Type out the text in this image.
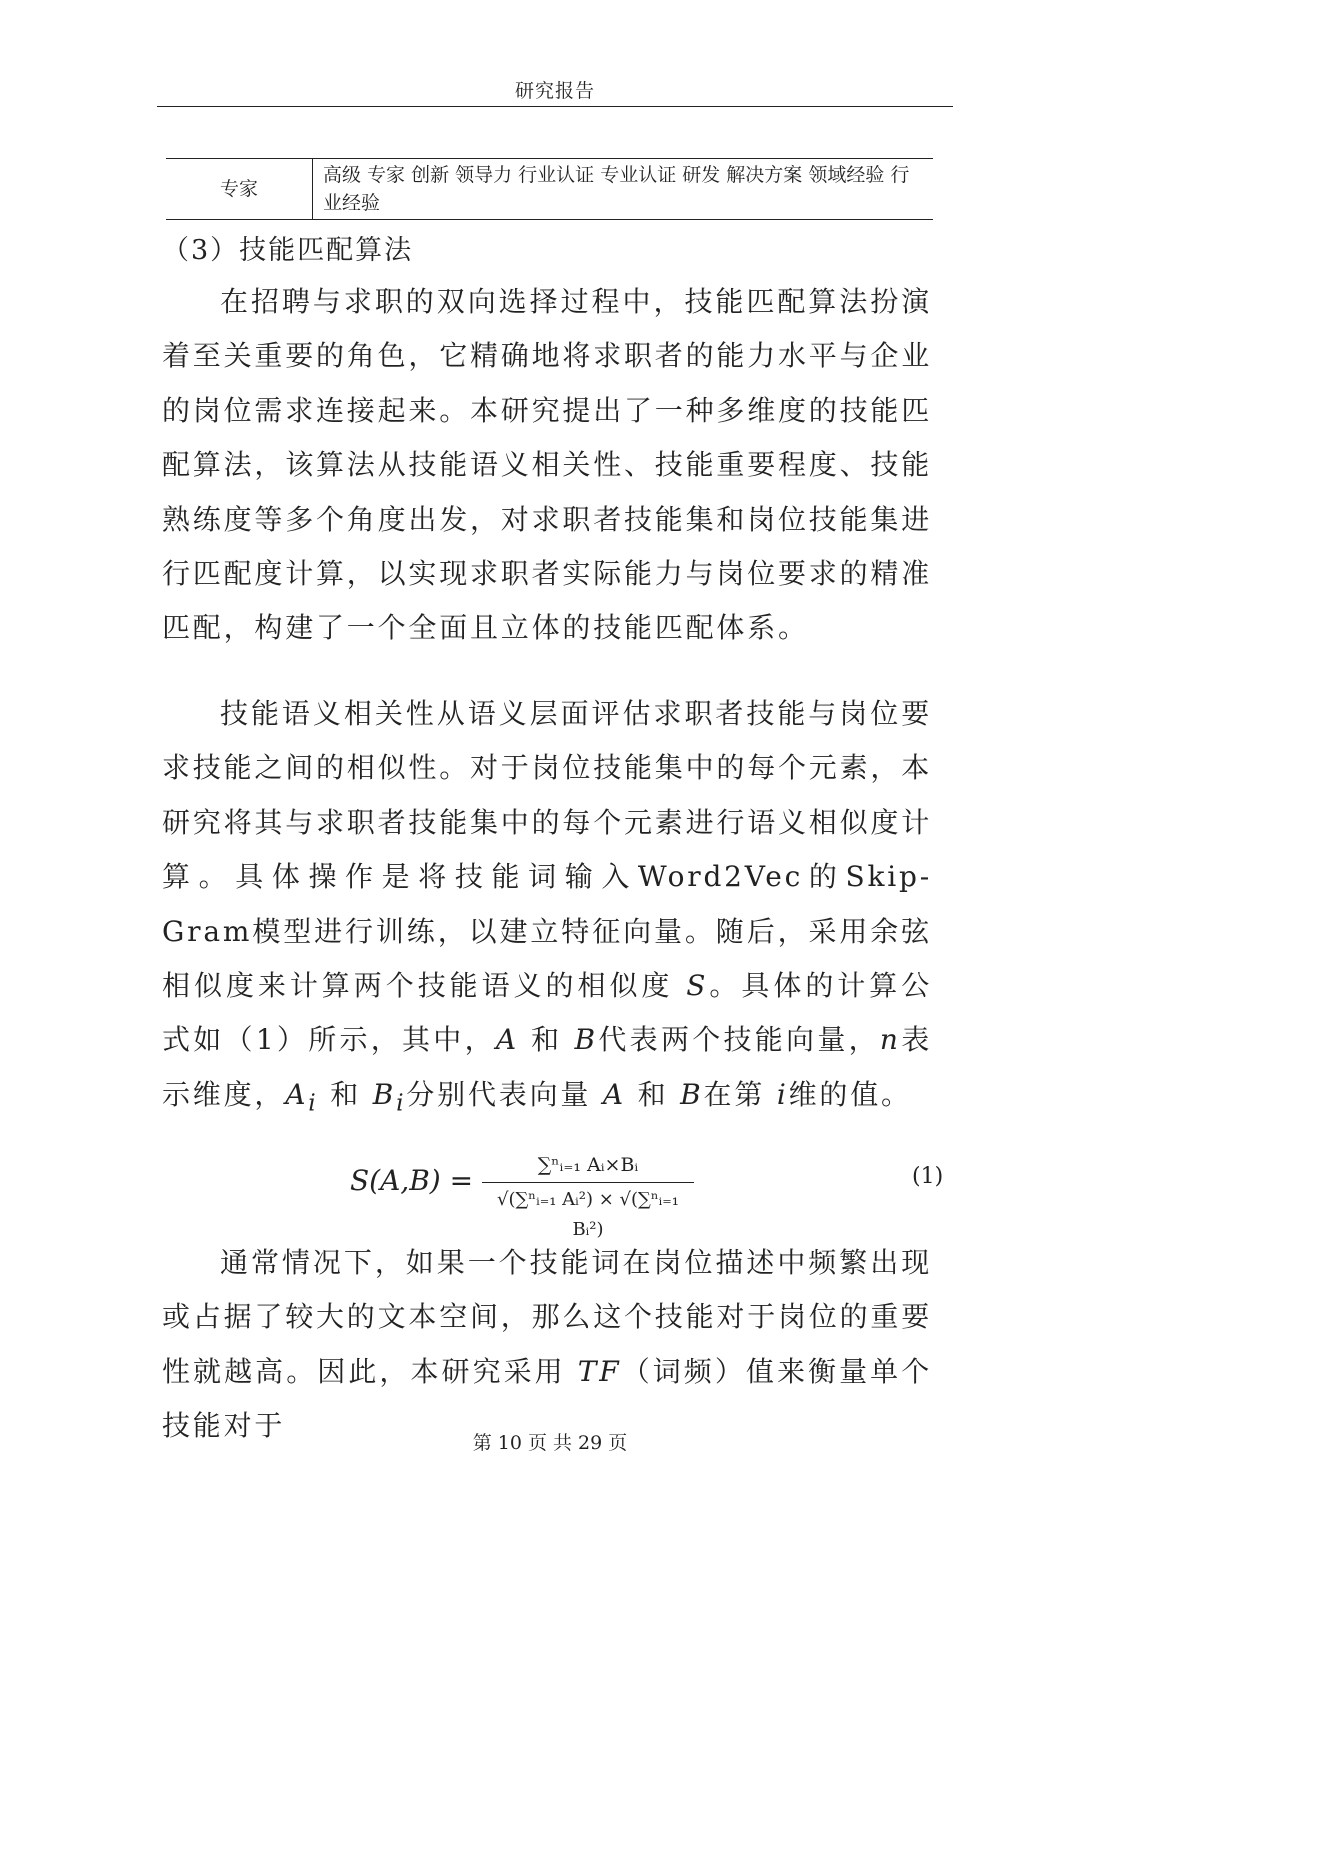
研究报告
专家	高级 专家 创新 领导力 行业认证 专业认证 研发 解决方案 领域经验 行业经验
（3）技能匹配算法

在招聘与求职的双向选择过程中，技能匹配算法扮演着至关重要的角色，它精确地将求职者的能力水平与企业的岗位需求连接起来。本研究提出了一种多维度的技能匹配算法，该算法从技能语义相关性、技能重要程度、技能熟练度等多个角度出发，对求职者技能集和岗位技能集进行匹配度计算，以实现求职者实际能力与岗位要求的精准匹配，构建了一个全面且立体的技能匹配体系。

技能语义相关性从语义层面评估求职者技能与岗位要求技能之间的相似性。对于岗位技能集中的每个元素，本研究将其与求职者技能集中的每个元素进行语义相似度计算。具体操作是将技能词输入Word2Vec的Skip-Gram模型进行训练，以建立特征向量。随后，采用余弦相似度来计算两个技能语义的相似度 S。具体的计算公式如（1）所示，其中，A 和 B代表两个技能向量，n表示维度，$A_i$ 和 $B_i$分别代表向量 A 和 B在第 i维的值。

$S(A,B) = \frac{\text{∑ⁿᵢ₌₁ Aᵢ×Bᵢ}}{\text{√(∑ⁿᵢ₌₁ Aᵢ²) × √(∑ⁿᵢ₌₁ Bᵢ²)}}$	(1)

通常情况下，如果一个技能词在岗位描述中频繁出现或占据了较大的文本空间，那么这个技能对于岗位的重要性就越高。因此，本研究采用 TF（词频）值来衡量单个技能对于

第 10 页 共 29 页
